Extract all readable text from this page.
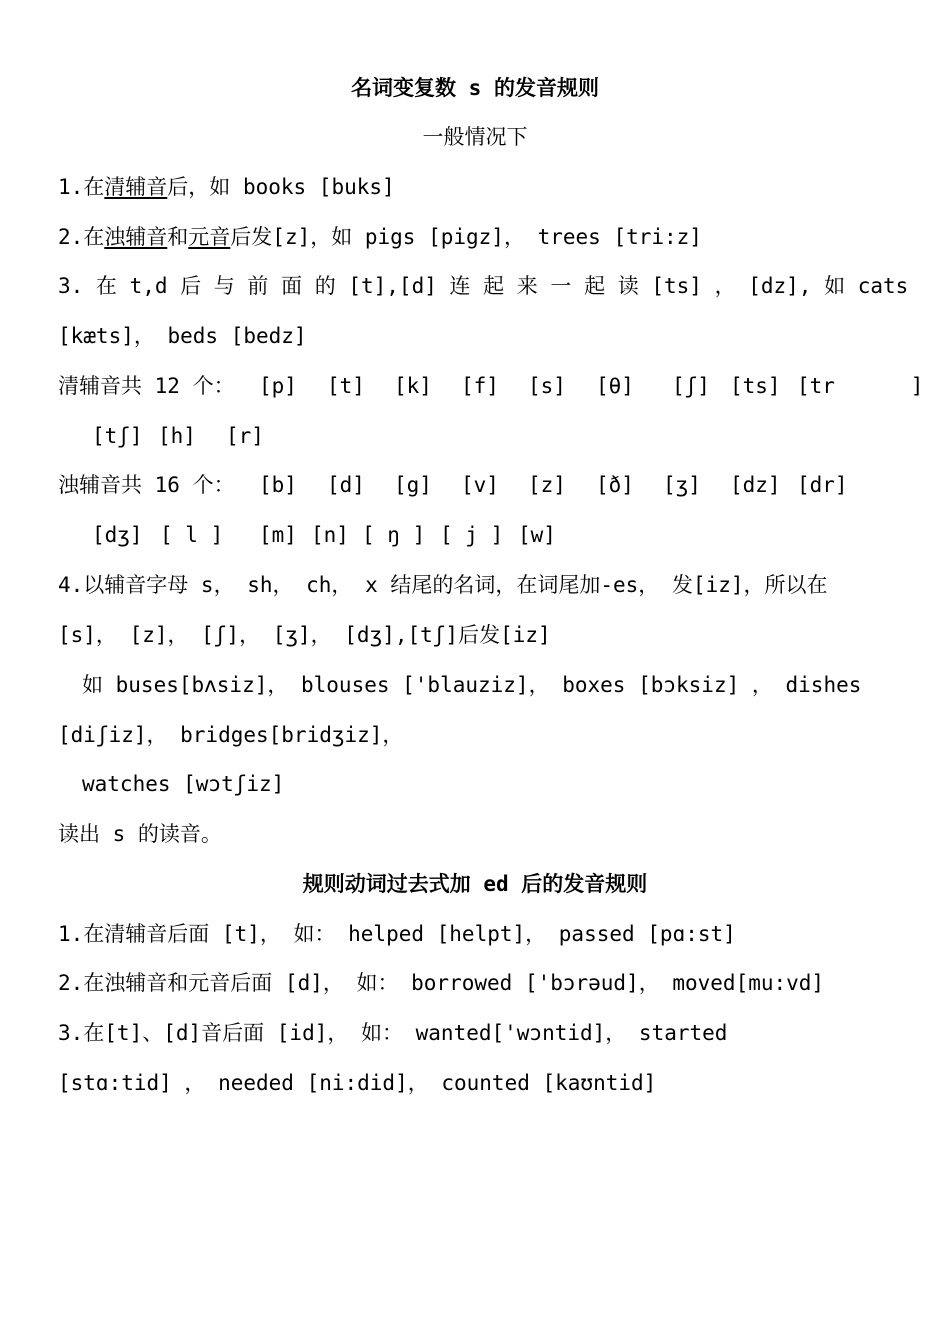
名词变复数 s 的发音规则

一般情况下

1.在清辅音后，如 books [buks]

2.在浊辅音和元音后发[z]，如 pigs [pigz]， trees [tri:z]

3. 在 t,d 后 与 前 面 的 [t],[d] 连 起 来 一 起 读 [ts] ， [dz], 如 cats

[kæts]， beds [bedz]

清辅音共 12 个： [p] [t] [k] [f] [s] [θ] [ʃ] [ts] [tr      ]
[tʃ] [h] [r]
浊辅音共 16 个： [b] [d] [g] [v] [z] [ð] [ʒ] [dz] [dr]
[dʒ] [ l ] [m] [n] [ ŋ ] [ j ] [w]

4.以辅音字母 s， sh， ch， x 结尾的名词，在词尾加-es， 发[iz]，所以在

[s]， [z]， [ʃ]， [ʒ]， [dʒ],[tʃ]后发[iz]

如 buses[bʌsiz]， blouses ['blauziz]， boxes [bɔksiz] ， dishes

[diʃiz]， bridges[bridʒiz]，

watches [wɔtʃiz]

读出 s 的读音。

规则动词过去式加 ed 后的发音规则

1.在清辅音后面 [t]， 如： helped [helpt]， passed [pɑ:st]

2.在浊辅音和元音后面 [d]， 如： borrowed ['bɔrəud]， moved[mu:vd]

3.在[t]、[d]音后面 [id]， 如： wanted['wɔntid]， started

[stɑ:tid] ， needed [ni:did]， counted [kaʊntid]
